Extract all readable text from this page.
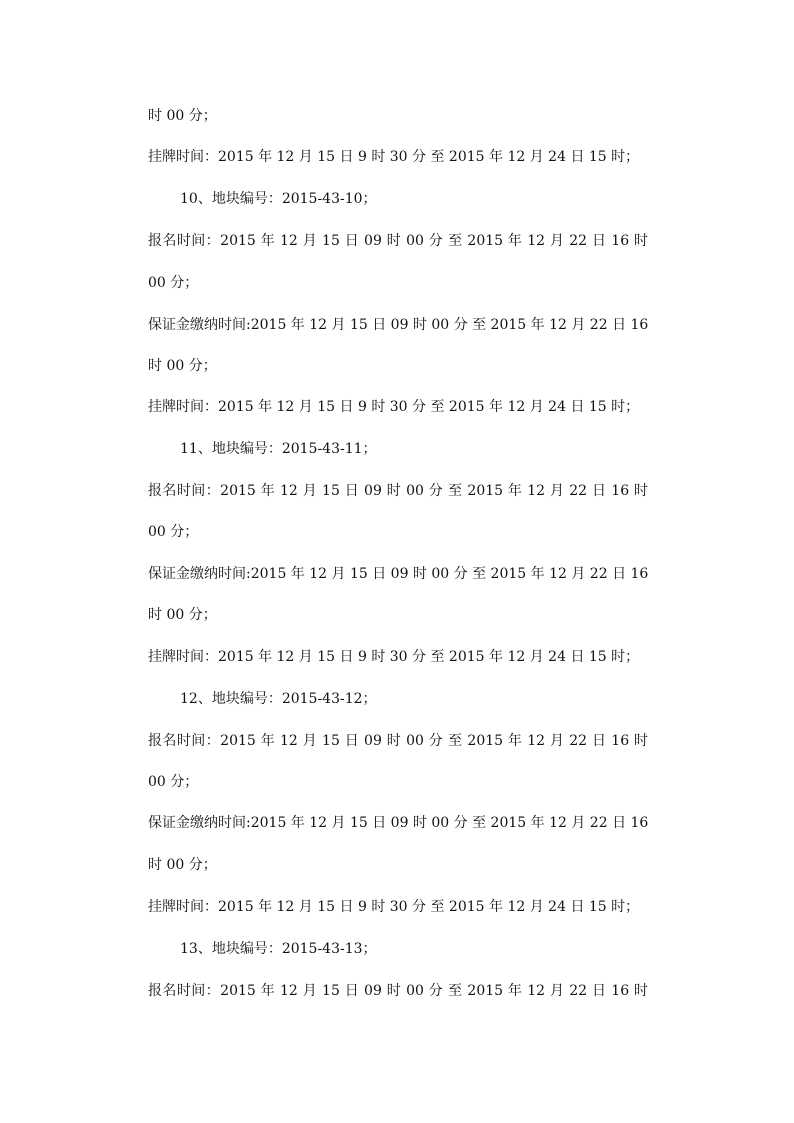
时 00 分；
挂牌时间：2015 年 12 月 15 日 9 时 30 分 至 2015 年 12 月 24 日 15 时；
10、地块编号：2015-43-10；
报名时间：2015 年 12 月 15 日 09 时 00 分 至 2015 年 12 月 22 日 16 时
00 分；
保证金缴纳时间:2015 年 12 月 15 日 09 时 00 分 至 2015 年 12 月 22 日 16
时 00 分；
挂牌时间：2015 年 12 月 15 日 9 时 30 分 至 2015 年 12 月 24 日 15 时；
11、地块编号：2015-43-11；
报名时间：2015 年 12 月 15 日 09 时 00 分 至 2015 年 12 月 22 日 16 时
00 分；
保证金缴纳时间:2015 年 12 月 15 日 09 时 00 分 至 2015 年 12 月 22 日 16
时 00 分；
挂牌时间：2015 年 12 月 15 日 9 时 30 分 至 2015 年 12 月 24 日 15 时；
12、地块编号：2015-43-12；
报名时间：2015 年 12 月 15 日 09 时 00 分 至 2015 年 12 月 22 日 16 时
00 分；
保证金缴纳时间:2015 年 12 月 15 日 09 时 00 分 至 2015 年 12 月 22 日 16
时 00 分；
挂牌时间：2015 年 12 月 15 日 9 时 30 分 至 2015 年 12 月 24 日 15 时；
13、地块编号：2015-43-13；
报名时间：2015 年 12 月 15 日 09 时 00 分 至 2015 年 12 月 22 日 16 时
